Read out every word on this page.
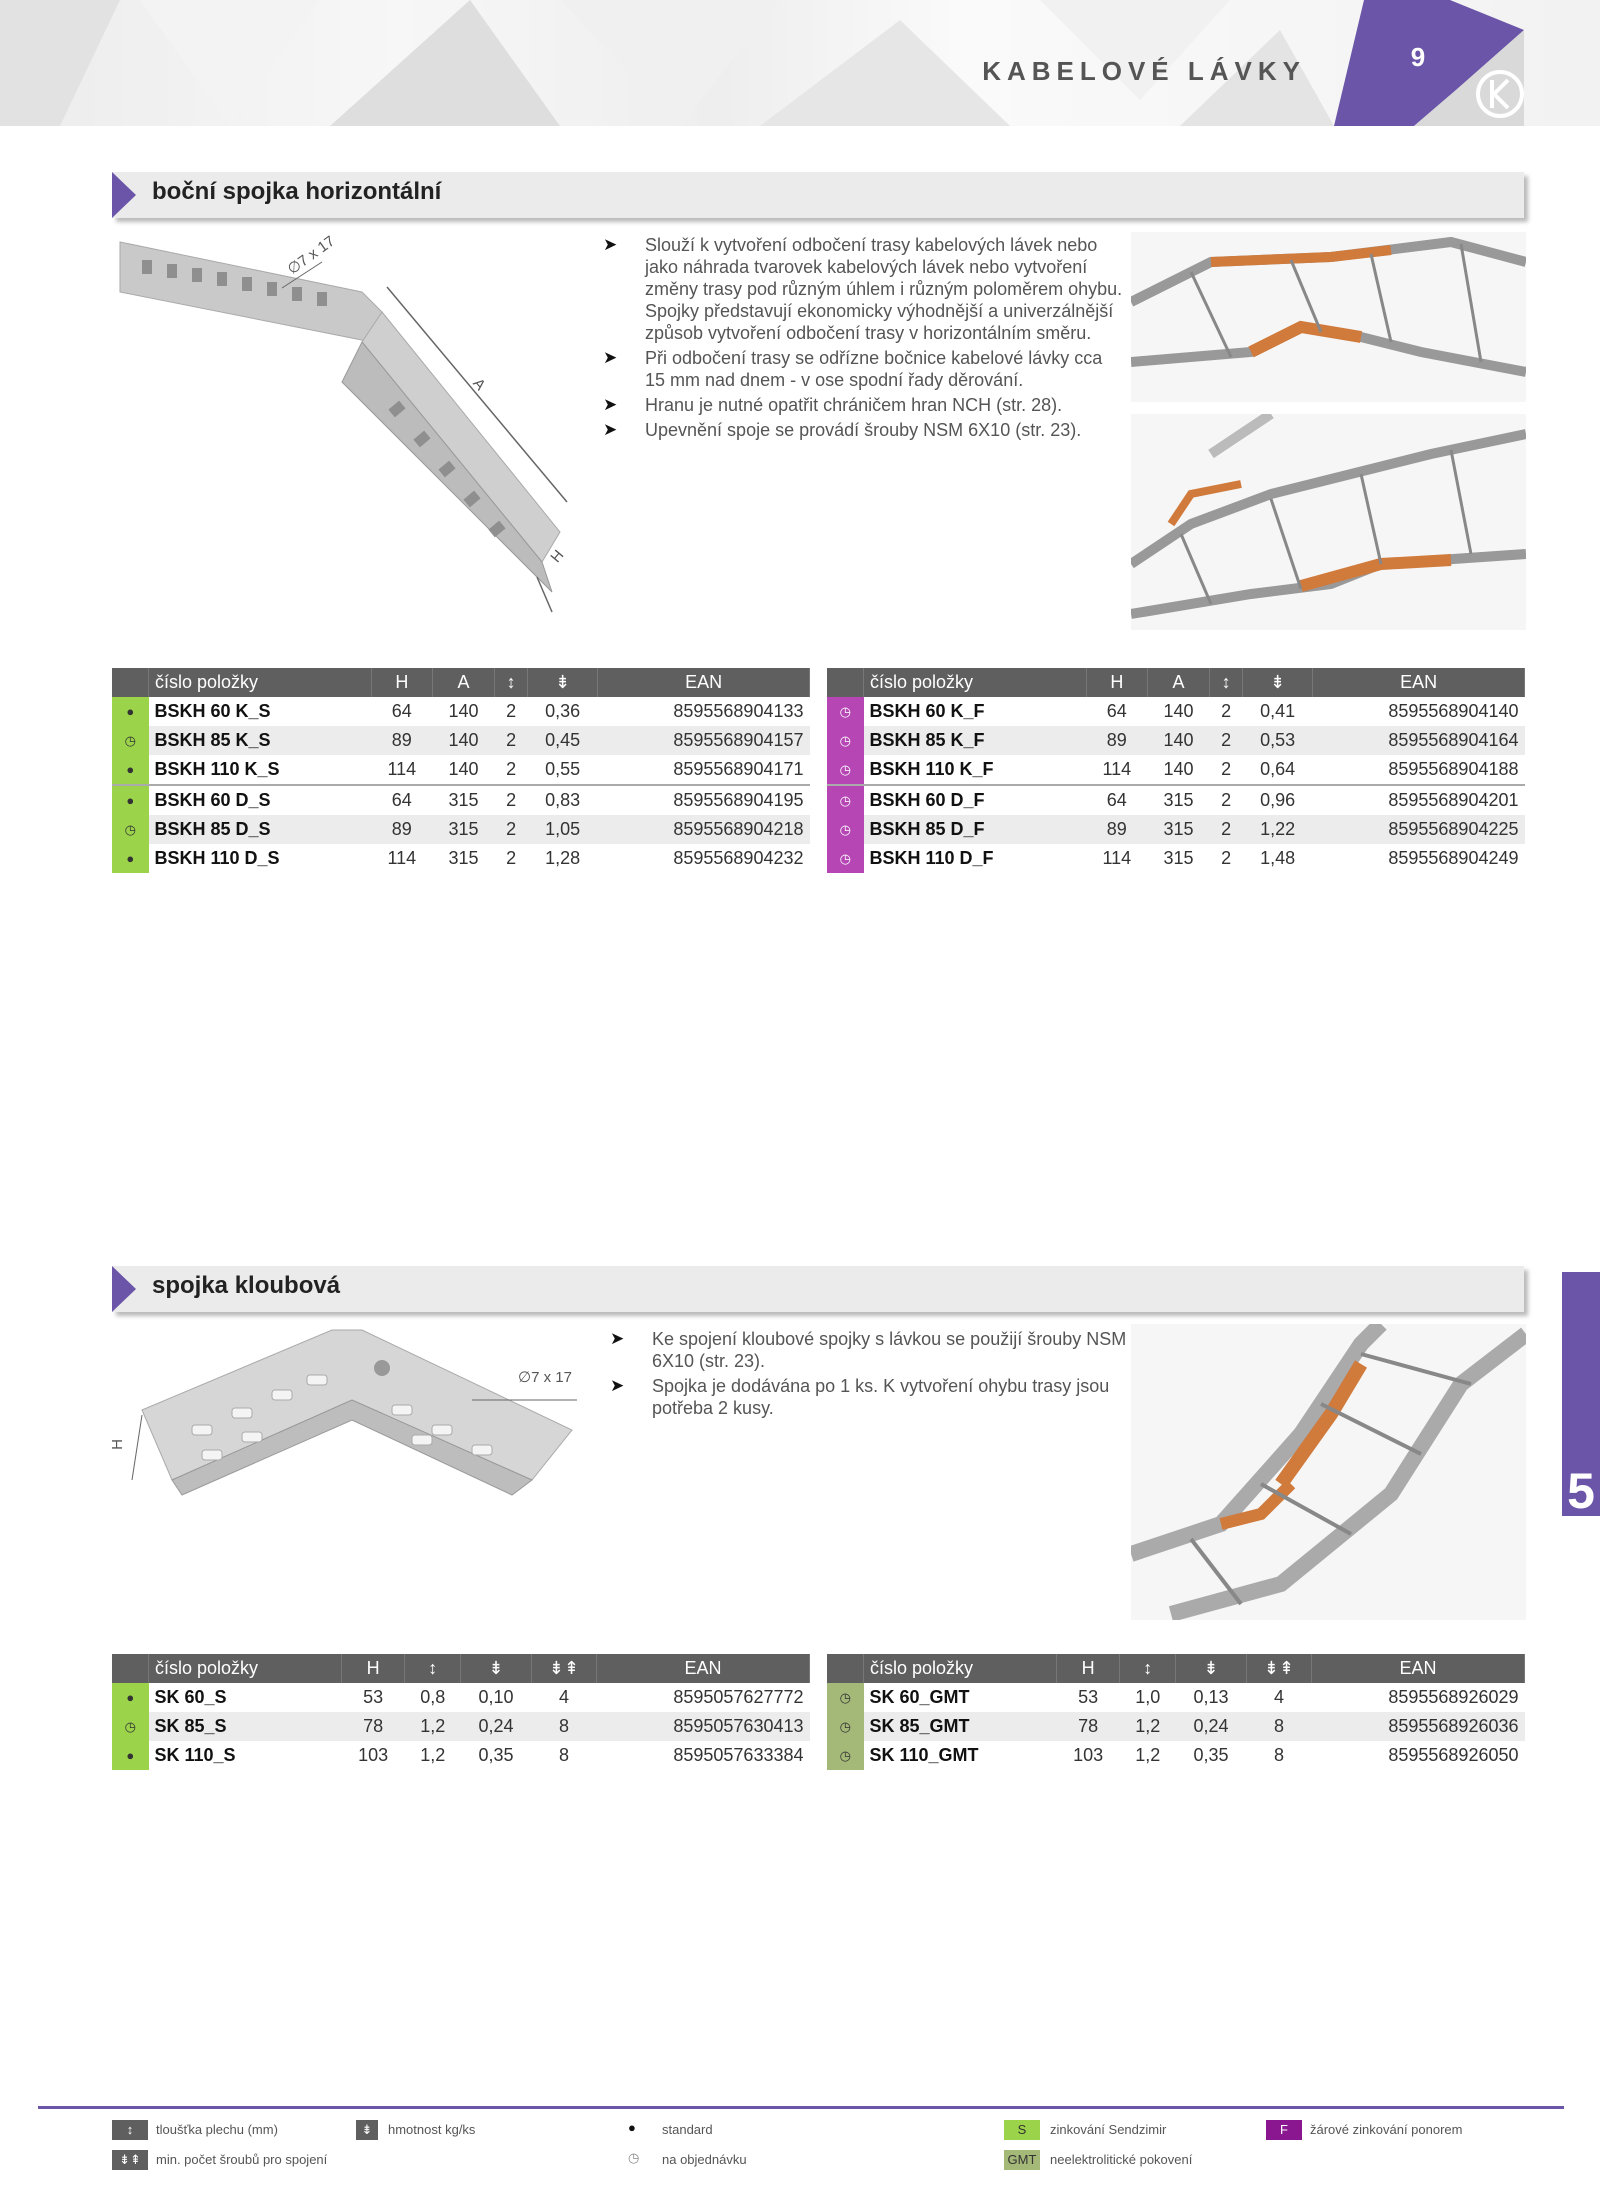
KABELOVÉ LÁVKY	9
boční spojka horizontální
∅7 x 17
A
H
➤ Slouží k vytvoření odbočení trasy kabelových lávek nebo jako náhrada tvarovek kabelových lávek nebo vytvoření změny trasy pod různým úhlem i různým poloměrem ohybu. Spojky představují ekonomicky výhodnější a univerzálnější způsob vytvoření odbočení trasy v horizontálním směru.
➤ Při odbočení trasy se odřízne bočnice kabelové lávky cca 15 mm nad dnem - v ose spodní řady děrování.
➤ Hranu je nutné opatřit chráničem hran NCH (str. 28).
➤ Upevnění spoje se provádí šrouby NSM 6X10 (str. 23).
	číslo položky	H	A	↕	⇟	EAN
●	BSKH 60 K_S	64	140	2	0,36	8595568904133
◷	BSKH 85 K_S	89	140	2	0,45	8595568904157
●	BSKH 110 K_S	114	140	2	0,55	8595568904171
●	BSKH 60 D_S	64	315	2	0,83	8595568904195
◷	BSKH 85 D_S	89	315	2	1,05	8595568904218
●	BSKH 110 D_S	114	315	2	1,28	8595568904232
	číslo položky	H	A	↕	⇟	EAN
◷	BSKH 60 K_F	64	140	2	0,41	8595568904140
◷	BSKH 85 K_F	89	140	2	0,53	8595568904164
◷	BSKH 110 K_F	114	140	2	0,64	8595568904188
◷	BSKH 60 D_F	64	315	2	0,96	8595568904201
◷	BSKH 85 D_F	89	315	2	1,22	8595568904225
◷	BSKH 110 D_F	114	315	2	1,48	8595568904249
spojka kloubová
∅7 x 17
H
➤ Ke spojení kloubové spojky s lávkou se použijí šrouby NSM 6X10 (str. 23).
➤ Spojka je dodávána po 1 ks. K vytvoření ohybu trasy jsou potřeba 2 kusy.
	číslo položky	H	↕	⇟	⇟⇞	EAN
●	SK 60_S	53	0,8	0,10	4	8595057627772
◷	SK 85_S	78	1,2	0,24	8	8595057630413
●	SK 110_S	103	1,2	0,35	8	8595057633384
	číslo položky	H	↕	⇟	⇟⇞	EAN
◷	SK 60_GMT	53	1,0	0,13	4	8595568926029
◷	SK 85_GMT	78	1,2	0,24	8	8595568926036
◷	SK 110_GMT	103	1,2	0,35	8	8595568926050
5
↕	tloušťka plechu (mm)	⇟	hmotnost kg/ks	● standard	S	zinkování Sendzimir	F	žárové zinkování ponorem
⇟⇞	min. počet šroubů pro spojení	◷ na objednávku	GMT neelektrolitické pokovení
